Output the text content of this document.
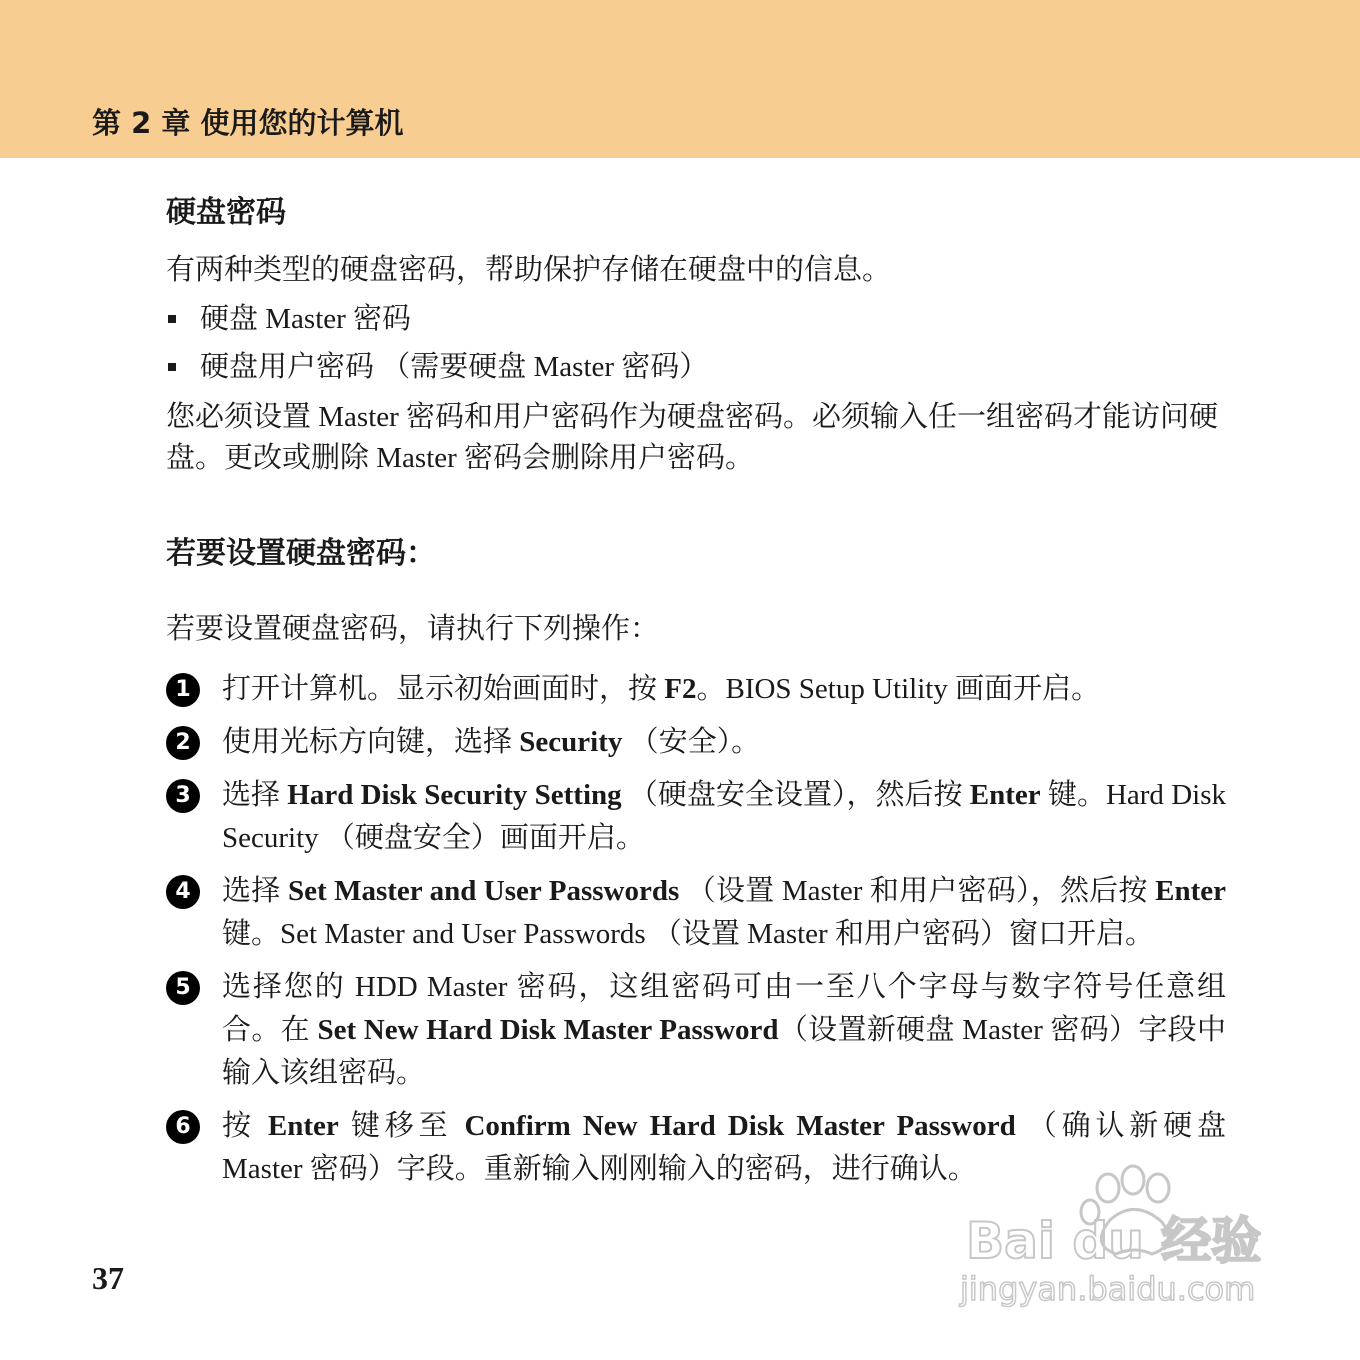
第 2 章 使用您的计算机
硬盘密码

有两种类型的硬盘密码，帮助保护存储在硬盘中的信息。

硬盘 Master 密码
硬盘用户密码 （需要硬盘 Master 密码）

您必须设置 Master 密码和用户密码作为硬盘密码。必须输入任一组密码才能访问硬盘。更改或删除 Master 密码会删除用户密码。

若要设置硬盘密码：

若要设置硬盘密码，请执行下列操作：

1	打开计算机。显示初始画面时，按 F2。BIOS Setup Utility 画面开启。
2	使用光标方向键，选择 Security （安全）。
3	选择 Hard Disk Security Setting （硬盘安全设置），然后按 Enter 键。Hard Disk Security （硬盘安全）画面开启。
4	选择 Set Master and User Passwords （设置 Master 和用户密码），然后按 Enter 键。Set Master and User Passwords （设置 Master 和用户密码）窗口开启。
5	选择您的 HDD Master 密码，这组密码可由一至八个字母与数字符号任意组合。在 Set New Hard Disk Master Password（设置新硬盘 Master 密码）字段中输入该组密码。
6	按 Enter 键移至 Confirm New Hard Disk Master Password （确认新硬盘 Master 密码）字段。重新输入刚刚输入的密码，进行确认。
37
Bai du 经验
jingyan.baidu.com
